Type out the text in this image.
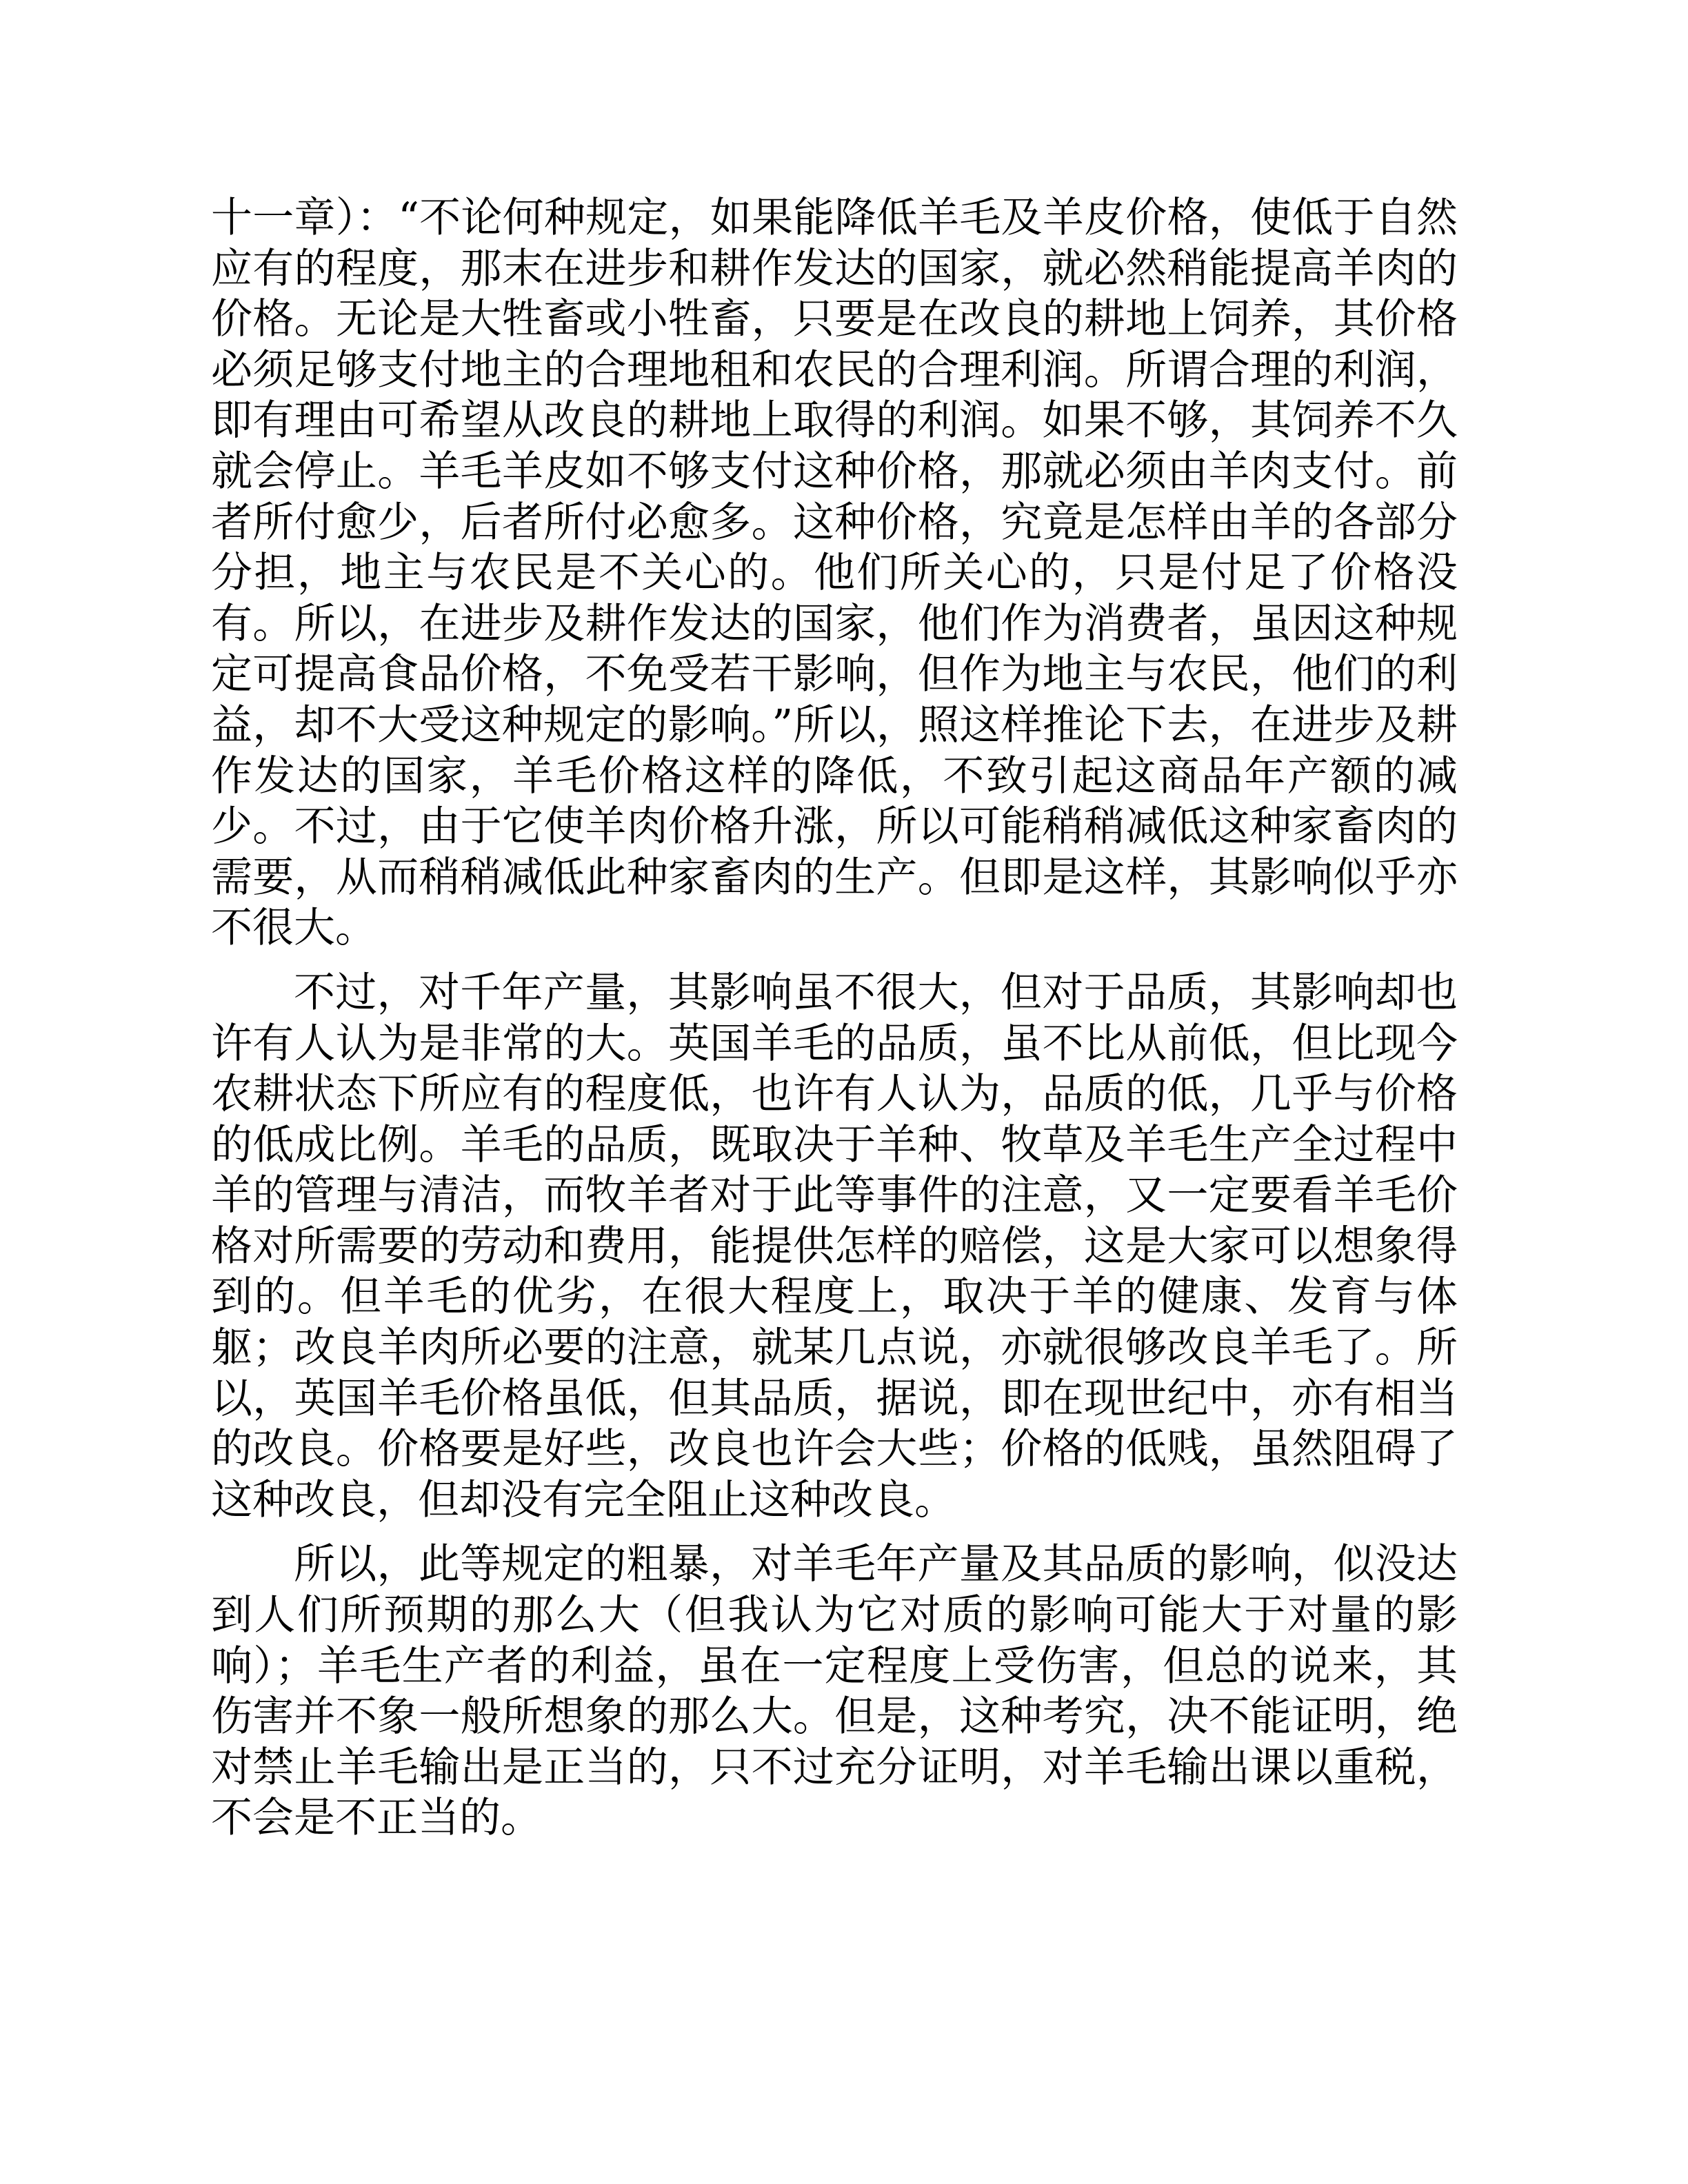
十一章）：“不论何种规定，如果能降低羊毛及羊皮价格，使低于自然应有的程度，那末在进步和耕作发达的国家，就必然稍能提高羊肉的价格。无论是大牲畜或小牲畜，只要是在改良的耕地上饲养，其价格必须足够支付地主的合理地租和农民的合理利润。所谓合理的利润，即有理由可希望从改良的耕地上取得的利润。如果不够，其饲养不久就会停止。羊毛羊皮如不够支付这种价格，那就必须由羊肉支付。前者所付愈少，后者所付必愈多。这种价格，究竟是怎样由羊的各部分分担，地主与农民是不关心的。他们所关心的，只是付足了价格没有。所以，在进步及耕作发达的国家，他们作为消费者，虽因这种规定可提高食品价格，不免受若干影响，但作为地主与农民，他们的利益，却不大受这种规定的影响。”所以，照这样推论下去，在进步及耕作发达的国家，羊毛价格这样的降低，不致引起这商品年产额的减少。不过，由于它使羊肉价格升涨，所以可能稍稍减低这种家畜肉的需要，从而稍稍减低此种家畜肉的生产。但即是这样，其影响似乎亦不很大。

不过，对千年产量，其影响虽不很大，但对于品质，其影响却也许有人认为是非常的大。英国羊毛的品质，虽不比从前低，但比现今农耕状态下所应有的程度低，也许有人认为，品质的低，几乎与价格的低成比例。羊毛的品质，既取决于羊种、牧草及羊毛生产全过程中羊的管理与清洁，而牧羊者对于此等事件的注意，又一定要看羊毛价格对所需要的劳动和费用，能提供怎样的赔偿，这是大家可以想象得到的。但羊毛的优劣，在很大程度上，取决于羊的健康、发育与体躯；改良羊肉所必要的注意，就某几点说，亦就很够改良羊毛了。所以，英国羊毛价格虽低，但其品质，据说，即在现世纪中，亦有相当的改良。价格要是好些，改良也许会大些；价格的低贱，虽然阻碍了这种改良，但却没有完全阻止这种改良。

所以，此等规定的粗暴，对羊毛年产量及其品质的影响，似没达到人们所预期的那么大（但我认为它对质的影响可能大于对量的影响）；羊毛生产者的利益，虽在一定程度上受伤害，但总的说来，其伤害并不象一般所想象的那么大。但是，这种考究，决不能证明，绝对禁止羊毛输出是正当的，只不过充分证明，对羊毛输出课以重税，不会是不正当的。
